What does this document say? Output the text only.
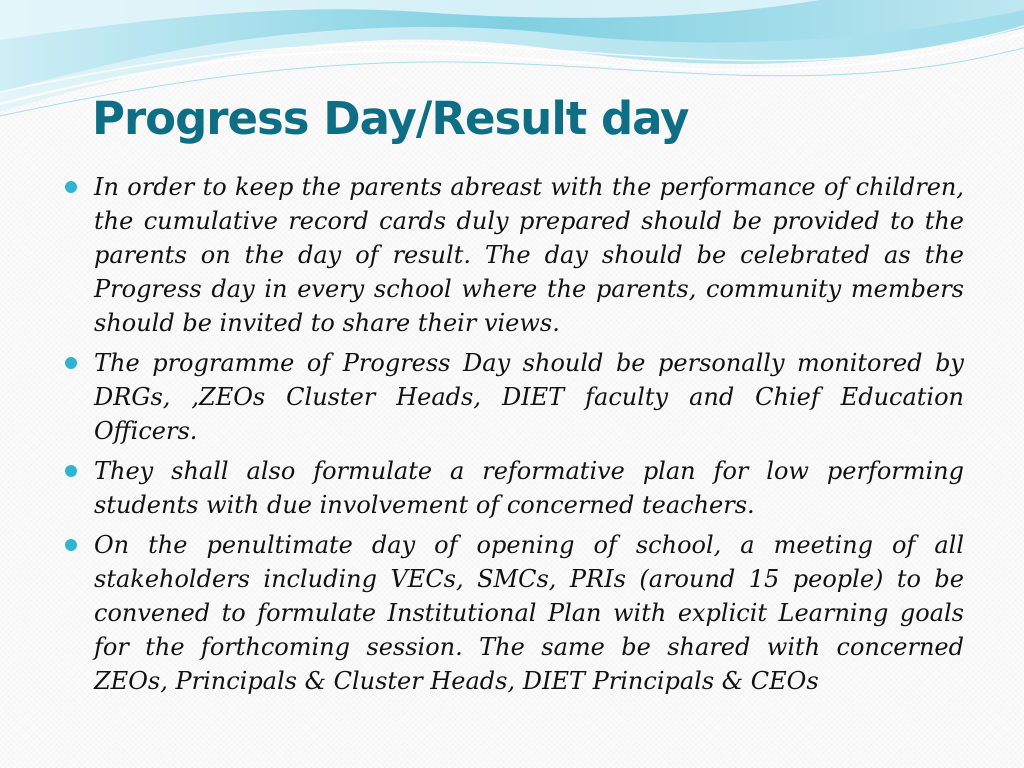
Progress Day/Result day
In order to keep the parents abreast with the performance of children, the cumulative record cards duly prepared should be provided to the parents on the day of result. The day should be celebrated as the Progress day in every school where the parents, community members should be invited to share their views.
The programme of Progress Day should be personally monitored by DRGs, ,ZEOs Cluster Heads, DIET faculty and Chief Education Officers.
They shall also formulate a reformative plan for low performing students with due involvement of concerned teachers.
On the penultimate day of opening of school, a meeting of all stakeholders including VECs, SMCs, PRIs (around 15 people) to be convened to formulate Institutional Plan with explicit Learning goals for the forthcoming session. The same be shared with concerned ZEOs, Principals & Cluster Heads, DIET Principals & CEOs
